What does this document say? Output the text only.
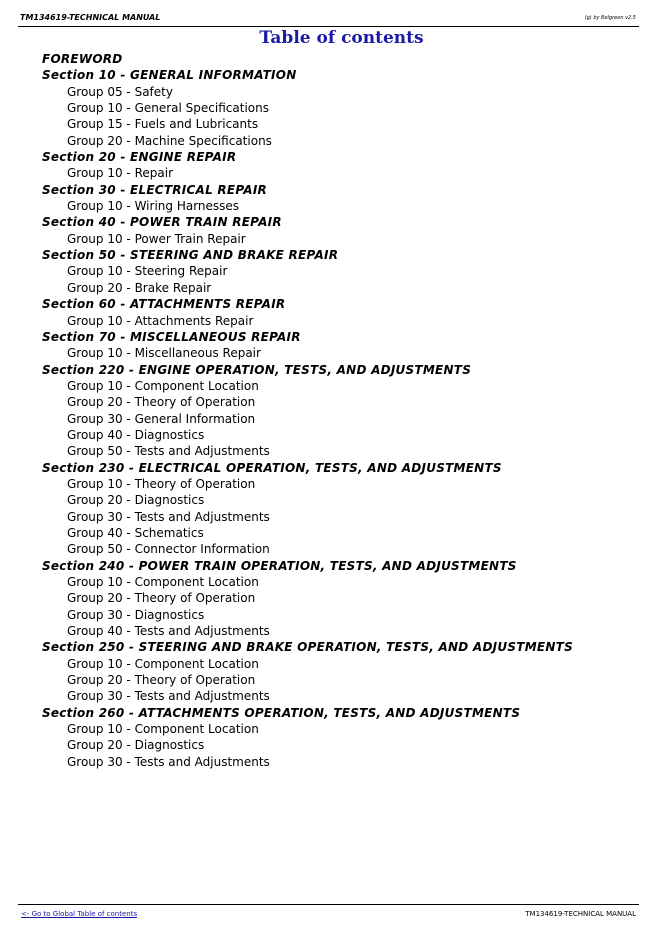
TM134619-TECHNICAL MANUAL	(g) by Belgreen v2.5
Table of contents
FOREWORD
Section 10 - GENERAL INFORMATION
Group 05 - Safety
Group 10 - General Specifications
Group 15 - Fuels and Lubricants
Group 20 - Machine Specifications
Section 20 - ENGINE REPAIR
Group 10 - Repair
Section 30 - ELECTRICAL REPAIR
Group 10 - Wiring Harnesses
Section 40 - POWER TRAIN REPAIR
Group 10 - Power Train Repair
Section 50 - STEERING AND BRAKE REPAIR
Group 10 - Steering Repair
Group 20 - Brake Repair
Section 60 - ATTACHMENTS REPAIR
Group 10 - Attachments Repair
Section 70 - MISCELLANEOUS REPAIR
Group 10 - Miscellaneous Repair
Section 220 - ENGINE OPERATION, TESTS, AND ADJUSTMENTS
Group 10 - Component Location
Group 20 - Theory of Operation
Group 30 - General Information
Group 40 - Diagnostics
Group 50 - Tests and Adjustments
Section 230 - ELECTRICAL OPERATION, TESTS, AND ADJUSTMENTS
Group 10 - Theory of Operation
Group 20 - Diagnostics
Group 30 - Tests and Adjustments
Group 40 - Schematics
Group 50 - Connector Information
Section 240 - POWER TRAIN OPERATION, TESTS, AND ADJUSTMENTS
Group 10 - Component Location
Group 20 - Theory of Operation
Group 30 - Diagnostics
Group 40 - Tests and Adjustments
Section 250 - STEERING AND BRAKE OPERATION, TESTS, AND ADJUSTMENTS
Group 10 - Component Location
Group 20 - Theory of Operation
Group 30 - Tests and Adjustments
Section 260 - ATTACHMENTS OPERATION, TESTS, AND ADJUSTMENTS
Group 10 - Component Location
Group 20 - Diagnostics
Group 30 - Tests and Adjustments
<- Go to Global Table of contents	TM134619-TECHNICAL MANUAL
